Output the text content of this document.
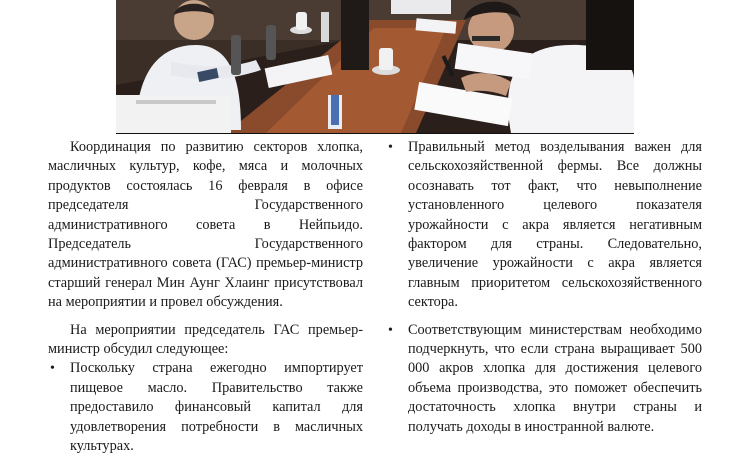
Координация по развитию секторов хлопка, масличных культур, кофе, мяса и молочных продуктов состоялась 16 февраля в офисе председателя Государственного административного совета в Нейпьидо. Председатель Государственного административного совета (ГАС) премьер-министр старший генерал Мин Аунг Хлаинг присутствовал на мероприятии и провел обсуждения.

На мероприятии председатель ГАС премьер-министр обсудил следующее:

• Поскольку страна ежегодно импортирует пищевое масло. Правительство также предоставило финансовый капитал для удовлетворения потребности в масличных культурах.
• Правильный метод возделывания важен для сельскохозяйственной фермы. Все должны осознавать тот факт, что невыполнение установленного целевого показателя урожайности с акра является негативным фактором для страны. Следовательно, увеличение урожайности с акра является главным приоритетом сельскохозяйственного сектора.
• Соответствующим министерствам необходимо подчеркнуть, что если страна выращивает 500 000 акров хлопка для достижения целевого объема производства, это поможет обеспечить достаточность хлопка внутри страны и получать доходы в иностранной валюте.
